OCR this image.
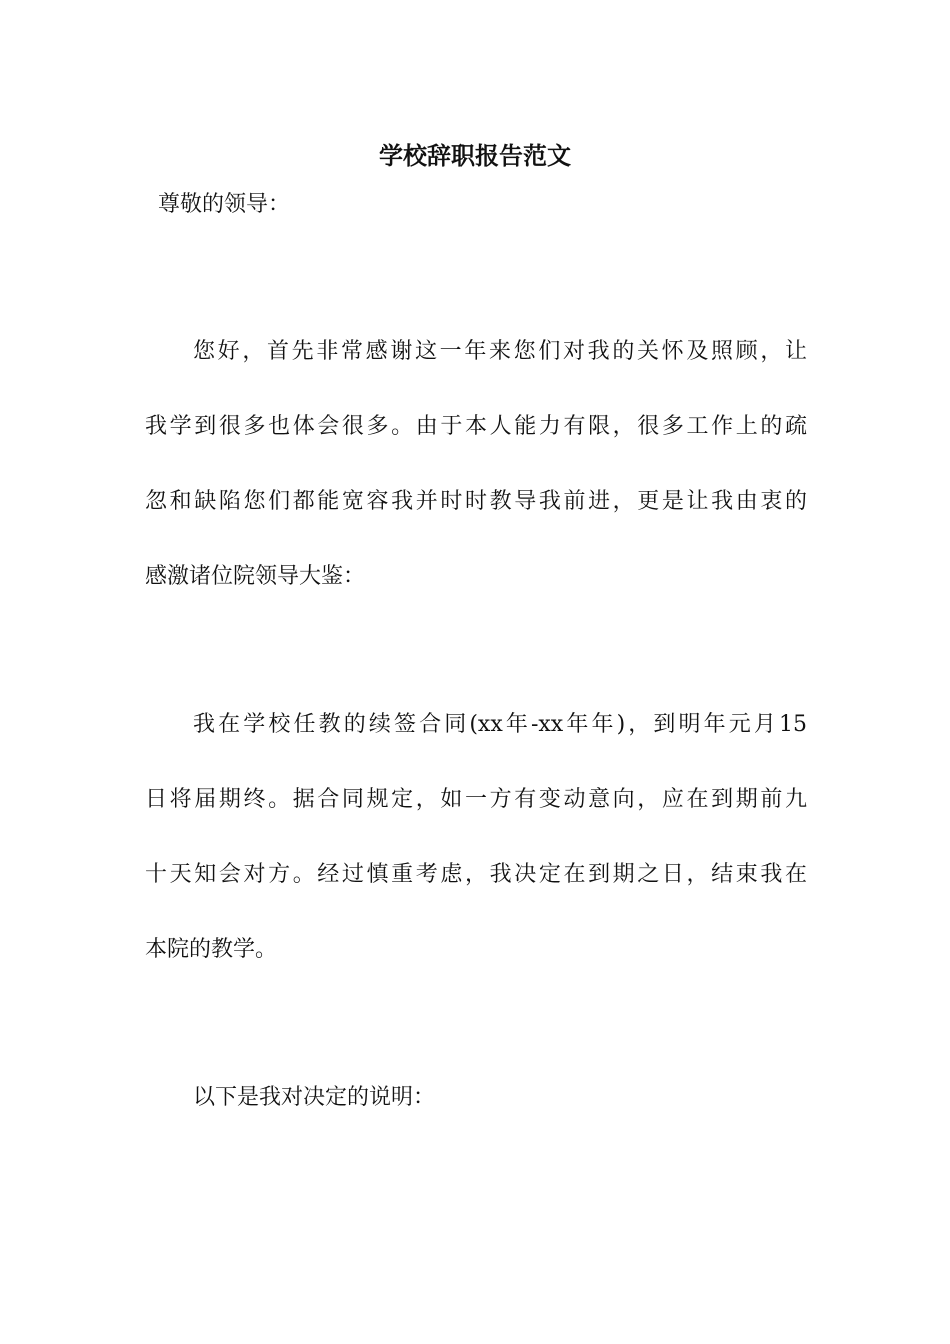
学校辞职报告范文
尊敬的领导：
您好，首先非常感谢这一年来您们对我的关怀及照顾，让
我学到很多也体会很多。由于本人能力有限，很多工作上的疏
忽和缺陷您们都能宽容我并时时教导我前进，更是让我由衷的
感激诸位院领导大鉴：
我在学校任教的续签合同(xx年-xx年年)，到明年元月15
日将届期终。据合同规定，如一方有变动意向，应在到期前九
十天知会对方。经过慎重考虑，我决定在到期之日，结束我在
本院的教学。
以下是我对决定的说明：
